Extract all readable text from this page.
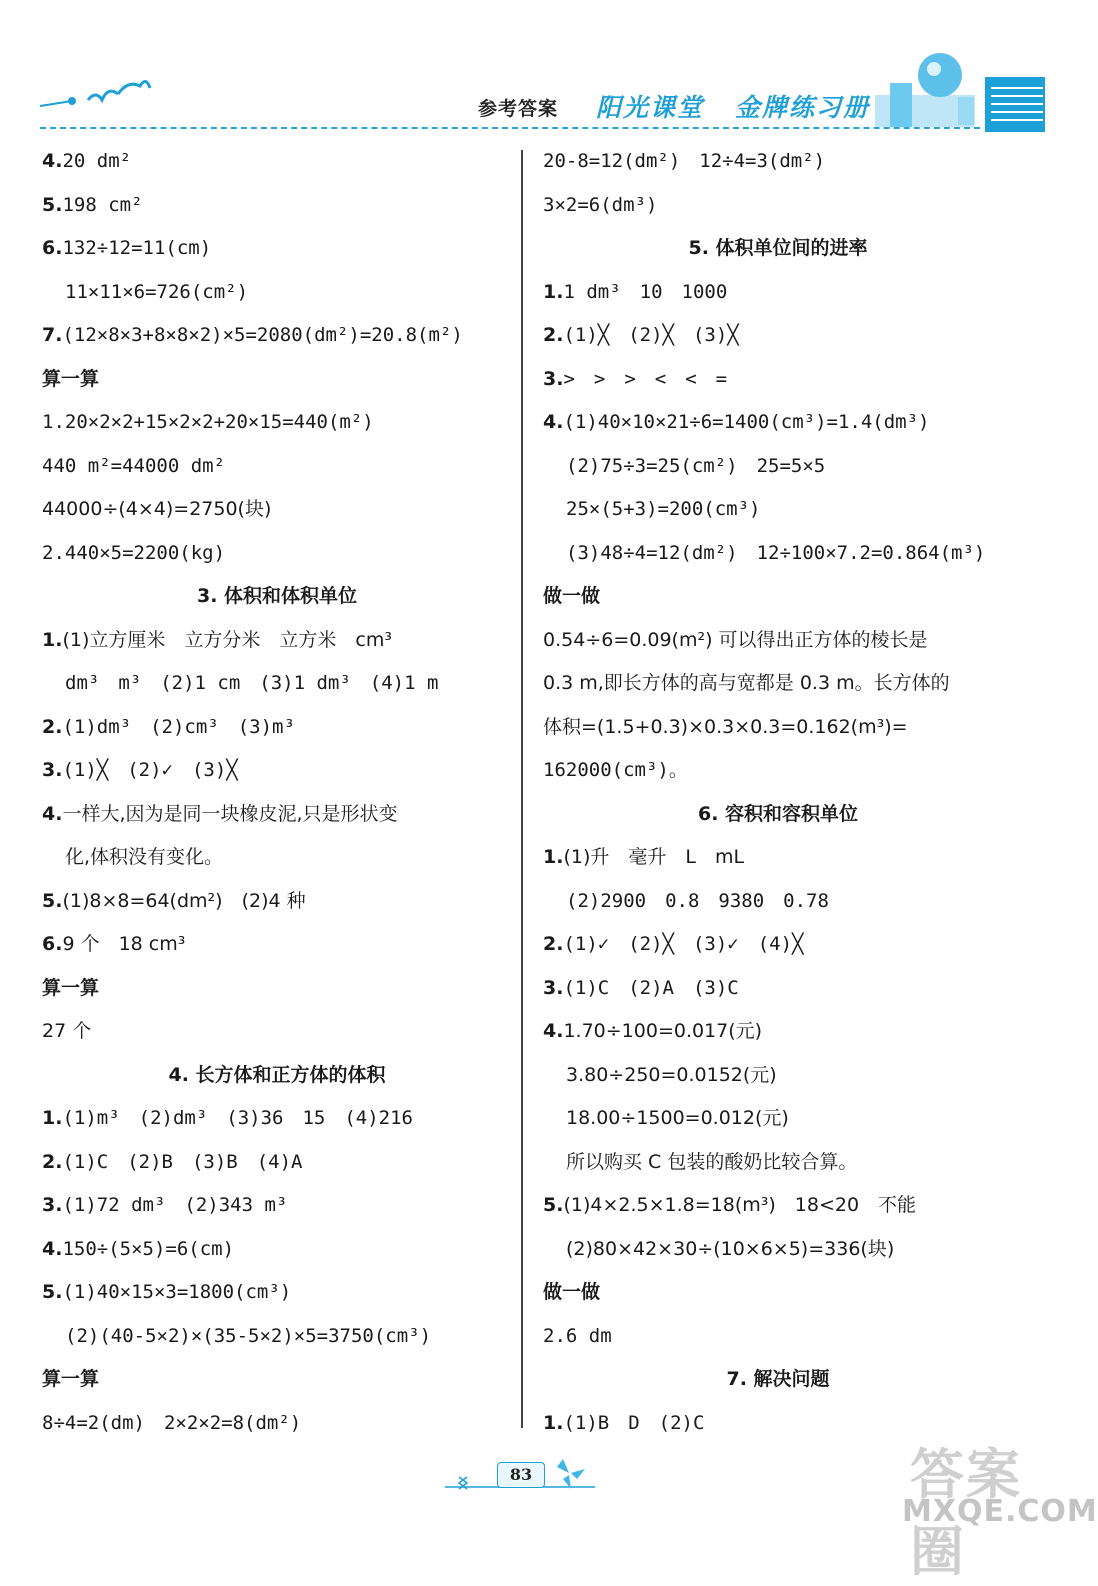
参考答案 阳光课堂 金牌练习册
4.20 dm²
5.198 cm²
6.132÷12=11(cm)
11×11×6=726(cm²)
7.(12×8×3+8×8×2)×5=2080(dm²)=20.8(m²)
算一算
1.20×2×2+15×2×2+20×15=440(m²)
440 m²=44000 dm²
44000÷(4×4)=2750(块)
2.440×5=2200(kg)
3. 体积和体积单位
1.(1)立方厘米　立方分米　立方米　cm³
dm³　m³　(2)1 cm　(3)1 dm³　(4)1 m
2.(1)dm³　(2)cm³　(3)m³
3.(1)╳　(2)✓　(3)╳
4.一样大,因为是同一块橡皮泥,只是形状变
化,体积没有变化。
5.(1)8×8=64(dm²)　(2)4 种
6.9 个　18 cm³
算一算
27 个
4. 长方体和正方体的体积
1.(1)m³　(2)dm³　(3)36　15　(4)216
2.(1)C　(2)B　(3)B　(4)A
3.(1)72 dm³　(2)343 m³
4.150÷(5×5)=6(cm)
5.(1)40×15×3=1800(cm³)
(2)(40-5×2)×(35-5×2)×5=3750(cm³)
算一算
8÷4=2(dm)　2×2×2=8(dm²)
20-8=12(dm²)　12÷4=3(dm²)
3×2=6(dm³)
5. 体积单位间的进率
1.1 dm³　10　1000
2.(1)╳　(2)╳　(3)╳
3.>　>　>　<　<　=
4.(1)40×10×21÷6=1400(cm³)=1.4(dm³)
(2)75÷3=25(cm²)　25=5×5
25×(5+3)=200(cm³)
(3)48÷4=12(dm²)　12÷100×7.2=0.864(m³)
做一做
0.54÷6=0.09(m²) 可以得出正方体的棱长是
0.3 m,即长方体的高与宽都是 0.3 m。长方体的
体积=(1.5+0.3)×0.3×0.3=0.162(m³)=
162000(cm³)。
6. 容积和容积单位
1.(1)升　毫升　L　mL
(2)2900　0.8　9380　0.78
2.(1)✓　(2)╳　(3)✓　(4)╳
3.(1)C　(2)A　(3)C
4.1.70÷100=0.017(元)
3.80÷250=0.0152(元)
18.00÷1500=0.012(元)
所以购买 C 包装的酸奶比较合算。
5.(1)4×2.5×1.8=18(m³)　18<20　不能
(2)80×42×30÷(10×6×5)=336(块)
做一做
2.6 dm
7. 解决问题
1.(1)B　D　(2)C
83	答案圈
MXQE.COM
